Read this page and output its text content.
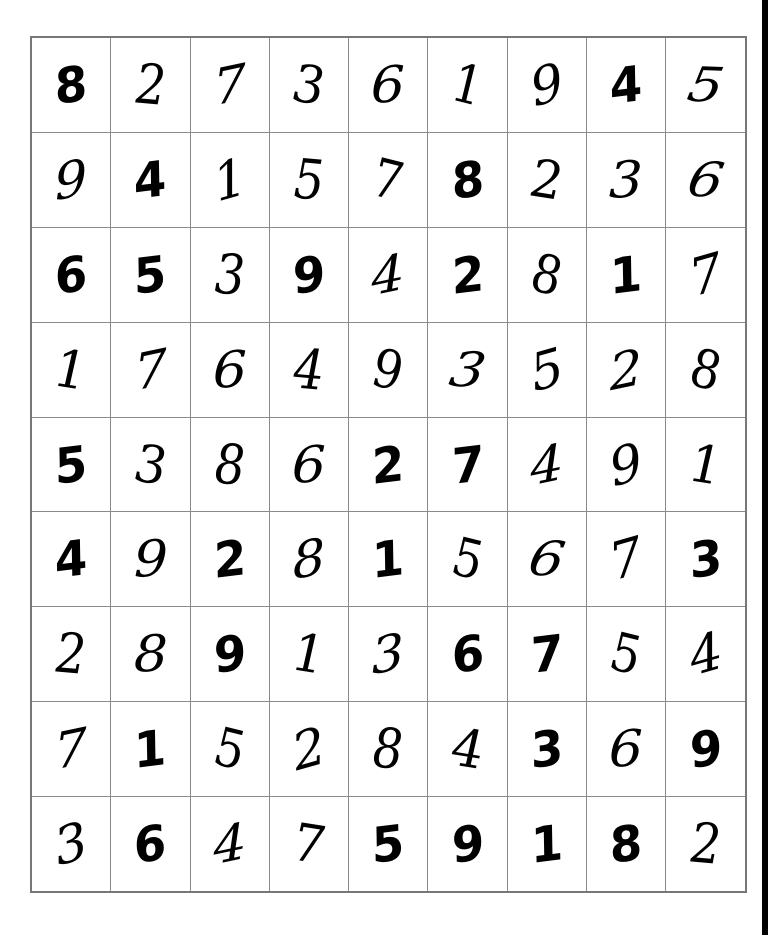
8	2	7	3	6	1	9	4	5

9	4	1	5	7	8	2	3	6

6	5	3	9	4	2	8	1	7

1	7	6	4	9	3	5	2	8

5	3	8	6	2	7	4	9	1

4	9	2	8	1	5	6	7	3

2	8	9	1	3	6	7	5	4

7	1	5	2	8	4	3	6	9

3	6	4	7	5	9	1	8	2
